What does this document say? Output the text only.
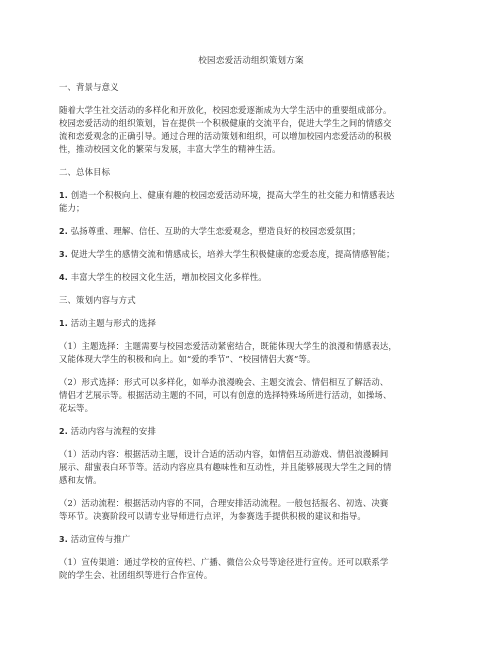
校园恋爱活动组织策划方案
一、背景与意义
随着大学生社交活动的多样化和开放化，校园恋爱逐渐成为大学生活中的重要组成部分。
校园恋爱活动的组织策划，旨在提供一个积极健康的交流平台，促进大学生之间的情感交
流和恋爱观念的正确引导。通过合理的活动策划和组织，可以增加校园内恋爱活动的积极
性，推动校园文化的繁荣与发展，丰富大学生的精神生活。
二、总体目标
1. 创造一个积极向上、健康有趣的校园恋爱活动环境，提高大学生的社交能力和情感表达
能力；
2. 弘扬尊重、理解、信任、互助的大学生恋爱观念，塑造良好的校园恋爱氛围；
3. 促进大学生的感情交流和情感成长，培养大学生积极健康的恋爱态度，提高情感智能；
4. 丰富大学生的校园文化生活，增加校园文化多样性。
三、策划内容与方式
1. 活动主题与形式的选择
（1）主题选择：主题需要与校园恋爱活动紧密结合，既能体现大学生的浪漫和情感表达，
又能体现大学生的积极和向上。如“爱的季节”、“校园情侣大赛”等。
（2）形式选择：形式可以多样化，如举办浪漫晚会、主题交流会、情侣相互了解活动、
情侣才艺展示等。根据活动主题的不同，可以有创意的选择特殊场所进行活动，如操场、
花坛等。
2. 活动内容与流程的安排
（1）活动内容：根据活动主题，设计合适的活动内容，如情侣互动游戏、情侣浪漫瞬间
展示、甜蜜表白环节等。活动内容应具有趣味性和互动性，并且能够展现大学生之间的情
感和友情。
（2）活动流程：根据活动内容的不同，合理安排活动流程。一般包括报名、初选、决赛
等环节。决赛阶段可以请专业导师进行点评，为参赛选手提供积极的建议和指导。
3. 活动宣传与推广
（1）宣传渠道：通过学校的宣传栏、广播、微信公众号等途径进行宣传。还可以联系学
院的学生会、社团组织等进行合作宣传。
